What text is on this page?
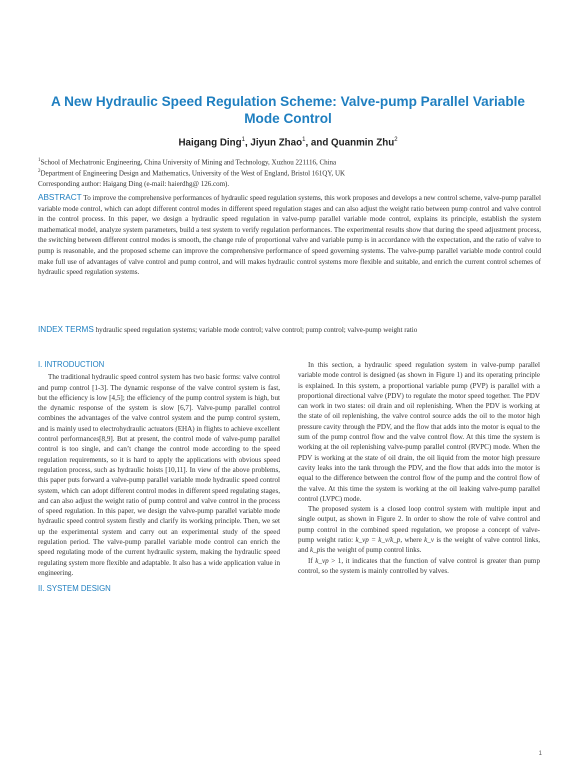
A New Hydraulic Speed Regulation Scheme: Valve-pump Parallel Variable Mode Control
Haigang Ding$^1$, Jiyun Zhao$^1$, and Quanmin Zhu$^2$
$^1$School of Mechatronic Engineering, China University of Mining and Technology, Xuzhou 221116, China
$^2$Department of Engineering Design and Mathematics, University of the West of England, Bristol 161QY, UK
Corresponding author: Haigang Ding (e-mail: haierdhg@ 126.com).
ABSTRACT To improve the comprehensive performances of hydraulic speed regulation systems, this work proposes and develops a new control scheme, valve-pump parallel variable mode control, which can adopt different control modes in different speed regulation stages and can also adjust the weight ratio between pump control and valve control in the control process. In this paper, we design a hydraulic speed regulation in valve-pump parallel variable mode control, explains its principle, establish the system mathematical model, analyze system parameters, build a test system to verify regulation performances. The experimental results show that during the speed adjustment process, the switching between different control modes is smooth, the change rule of proportional valve and variable pump is in accordance with the expectation, and the ratio of valve to pump is reasonable, and the proposed scheme can improve the comprehensive performance of speed governing systems. The valve-pump parallel variable mode control could make full use of advantages of valve control and pump control, and will makes hydraulic control systems more flexible and suitable, and enrich the current control schemes of hydraulic speed regulation systems.
INDEX TERMS hydraulic speed regulation systems; variable mode control; valve control; pump control; valve-pump weight ratio
I. INTRODUCTION

The traditional hydraulic speed control system has two basic forms: valve control and pump control [1-3]. The dynamic response of the valve control system is fast, but the efficiency is low [4,5]; the efficiency of the pump control system is high, but the dynamic response of the system is slow [6,7]. Valve-pump parallel control combines the advantages of the valve control system and the pump control system, and is mainly used to electrohydraulic actuators (EHA) in flights to achieve excellent control performances[8,9]. But at present, the control mode of valve-pump parallel control is too single, and can’t change the control mode according to the speed regulation requirements, so it is hard to apply the applications with obvious speed regulation process, such as hydraulic hoists [10,11]. In view of the above problems, this paper puts forward a valve-pump parallel variable mode hydraulic speed control system, which can adopt different control modes in different speed regulating stages, and can also adjust the weight ratio of pump control and valve control in the process of speed regulation. In this paper, we design the valve-pump parallel variable mode hydraulic speed control system firstly and clarify its working principle. Then, we set up the experimental system and carry out an experimental study of the speed regulation period. The valve-pump parallel variable mode control can enrich the speed regulating mode of the current hydraulic system, making the hydraulic speed regulating system more flexible and adaptable. It also has a wide application value in engineering.

II. SYSTEM DESIGN

In this section, a hydraulic speed regulation system in valve-pump parallel variable mode control is designed (as shown in Figure 1) and its operating principle is explained. In this system, a proportional variable pump (PVP) is parallel with a proportional directional valve (PDV) to regulate the motor speed together. The PDV can work in two states: oil drain and oil replenishing. When the PDV is working at the state of oil replenishing, the valve control source adds the oil to the motor high pressure cavity through the PDV, and the flow that adds into the motor is equal to the sum of the pump control flow and the valve control flow. At this time the system is working at the oil replenishing valve-pump parallel control (RVPC) mode. When the PDV is working at the state of oil drain, the oil liquid from the motor high pressure cavity leaks into the tank through the PDV, and the flow that adds into the motor is equal to the difference between the control flow of the pump and the control flow of the valve. At this time the system is working at the oil leaking valve-pump parallel control (LVPC) mode.

The proposed system is a closed loop control system with multiple input and single output, as shown in Figure 2. In order to show the role of valve control and pump control in the combined speed regulation, we propose a concept of valve-pump weight ratio: k_vp = k_v/k_p, where k_v is the weight of valve control links, and k_pis the weight of pump control links.

If k_vp > 1, it indicates that the function of valve control is greater than pump control, so the system is mainly controlled by valves.

1
